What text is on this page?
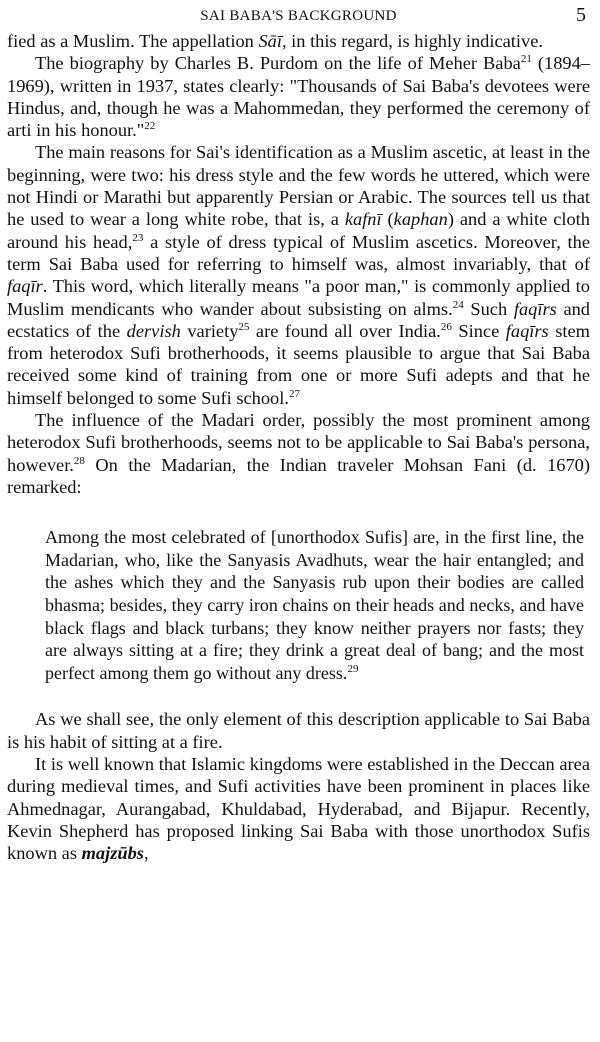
SAI BABA'S BACKGROUND	5

fied as a Muslim. The appellation Sāī, in this regard, is highly indicative.

The biography by Charles B. Purdom on the life of Meher Baba$^{21}$ (1894–1969), written in 1937, states clearly: "Thousands of Sai Baba's devotees were Hindus, and, though he was a Mahommedan, they performed the ceremony of arti in his honour."$^{22}$

The main reasons for Sai's identification as a Muslim ascetic, at least in the beginning, were two: his dress style and the few words he uttered, which were not Hindi or Marathi but apparently Persian or Arabic. The sources tell us that he used to wear a long white robe, that is, a kafnī (kaphan) and a white cloth around his head,$^{23}$ a style of dress typical of Muslim ascetics. Moreover, the term Sai Baba used for referring to himself was, almost invariably, that of faqīr. This word, which literally means "a poor man," is commonly applied to Muslim mendicants who wander about subsisting on alms.$^{24}$ Such faqīrs and ecstatics of the dervish variety$^{25}$ are found all over India.$^{26}$ Since faqīrs stem from heterodox Sufi brotherhoods, it seems plausible to argue that Sai Baba received some kind of training from one or more Sufi adepts and that he himself belonged to some Sufi school.$^{27}$

The influence of the Madari order, possibly the most prominent among heterodox Sufi brotherhoods, seems not to be applicable to Sai Baba's persona, however.$^{28}$ On the Madarian, the Indian traveler Mohsan Fani (d. 1670) remarked:

Among the most celebrated of [unorthodox Sufis] are, in the first line, the Madarian, who, like the Sanyasis Avadhuts, wear the hair entangled; and the ashes which they and the Sanyasis rub upon their bodies are called bhasma; besides, they carry iron chains on their heads and necks, and have black flags and black turbans; they know neither prayers nor fasts; they are always sitting at a fire; they drink a great deal of bang; and the most perfect among them go without any dress.$^{29}$

As we shall see, the only element of this description applicable to Sai Baba is his habit of sitting at a fire.

It is well known that Islamic kingdoms were established in the Deccan area during medieval times, and Sufi activities have been prominent in places like Ahmednagar, Aurangabad, Khuldabad, Hyderabad, and Bijapur. Recently, Kevin Shepherd has proposed linking Sai Baba with those unorthodox Sufis known as majzūbs,
